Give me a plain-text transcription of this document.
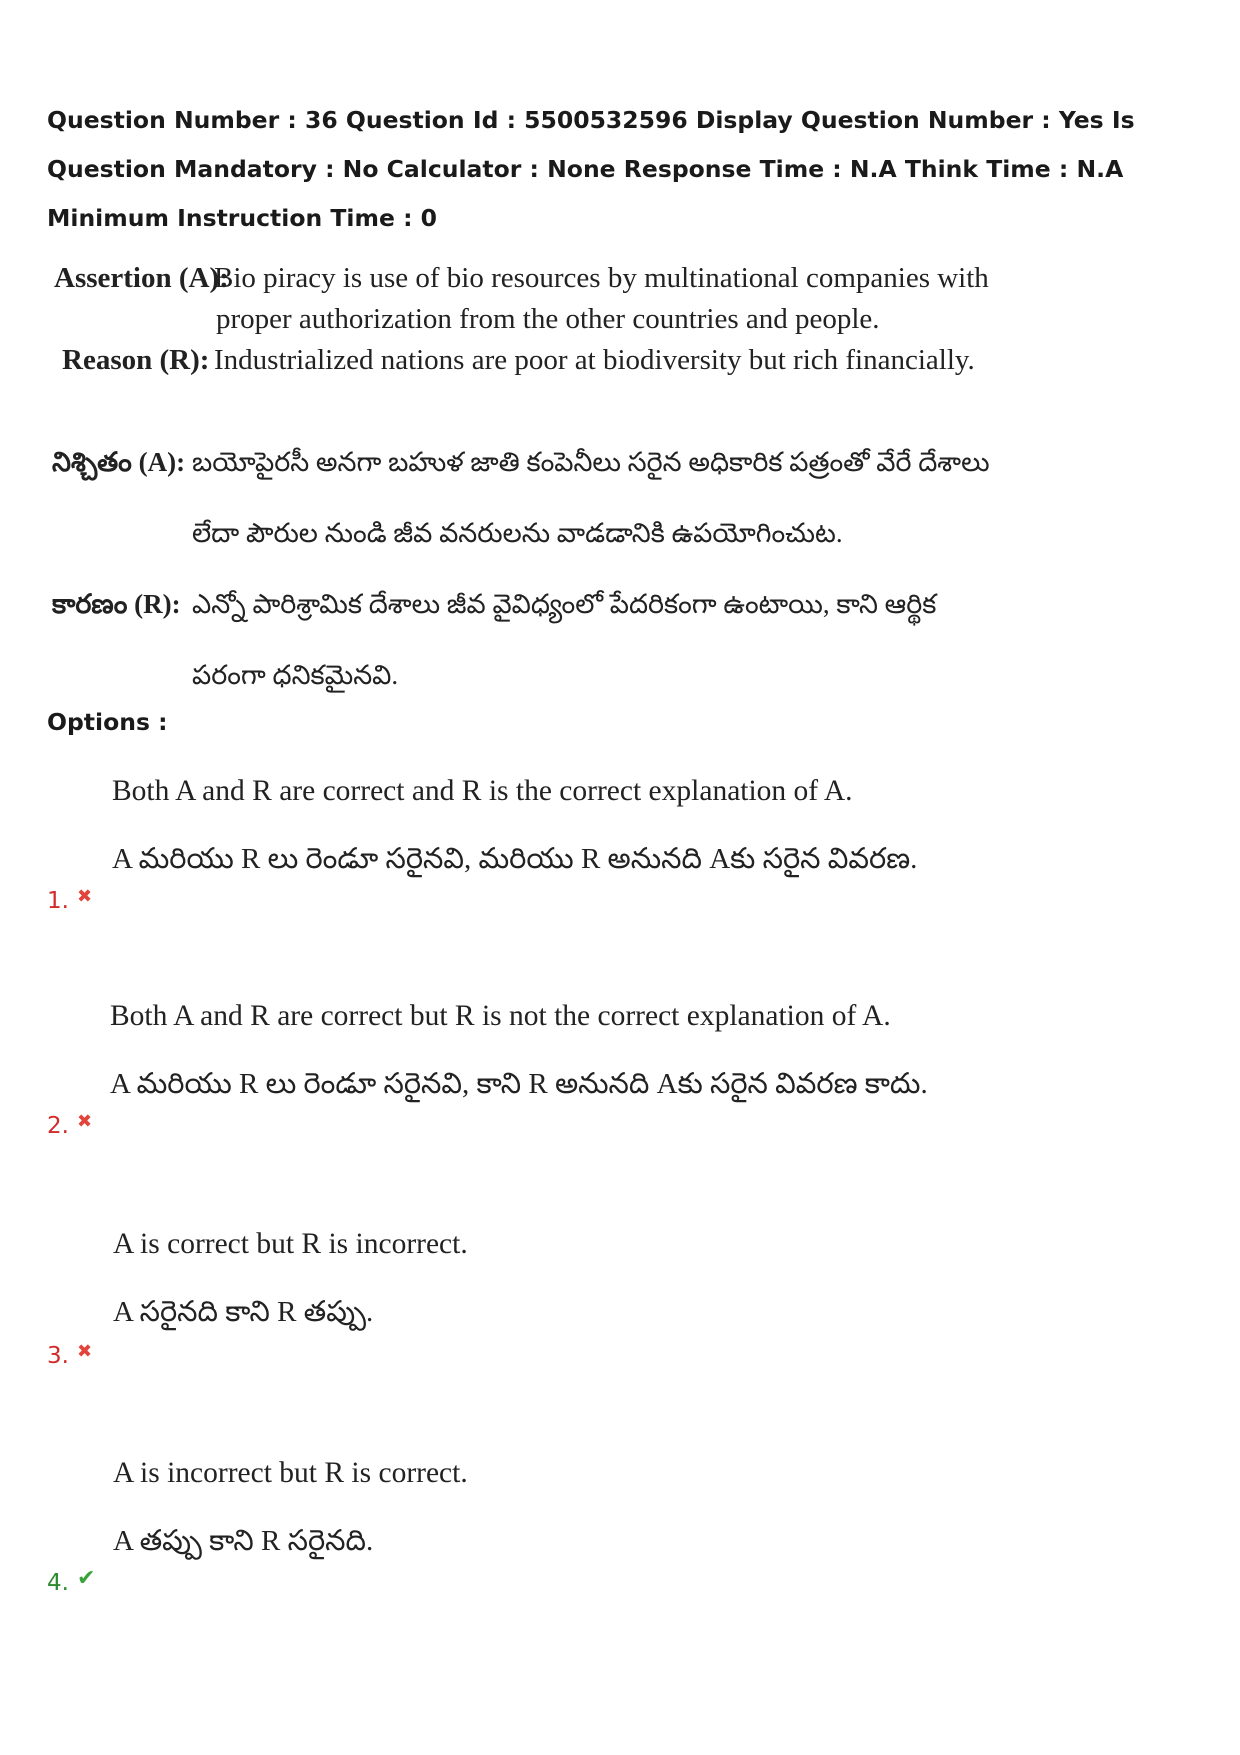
Question Number : 36 Question Id : 5500532596 Display Question Number : Yes Is Question Mandatory : No Calculator : None Response Time : N.A Think Time : N.A Minimum Instruction Time : 0
Assertion (A):
Bio piracy is use of bio resources by multinational companies with
proper authorization from the other countries and people.
Reason (R): Industrialized nations are poor at biodiversity but rich financially.
నిశ్చితం (A): బయోపైరసీ అనగా బహుళ జాతి కంపెనీలు సరైన అధికారిక పత్రంతో వేరే దేశాలు
లేదా పౌరుల నుండి జీవ వనరులను వాడడానికి ఉపయోగించుట.
కారణం (R): ఎన్నో పారిశ్రామిక దేశాలు జీవ వైవిధ్యంలో పేదరికంగా ఉంటాయి, కాని ఆర్థిక
పరంగా ధనికమైనవి.
Options :
Both A and R are correct and R is the correct explanation of A.
A మరియు R లు రెండూ సరైనవి, మరియు R అనునది Aకు సరైన వివరణ.
1. ✖
Both A and R are correct but R is not the correct explanation of A.
A మరియు R లు రెండూ సరైనవి, కాని R అనునది Aకు సరైన వివరణ కాదు.
2. ✖
A is correct but R is incorrect.
A సరైనది కాని R తప్పు.
3. ✖
A is incorrect but R is correct.
A తప్పు కాని R సరైనది.
4. ✔
